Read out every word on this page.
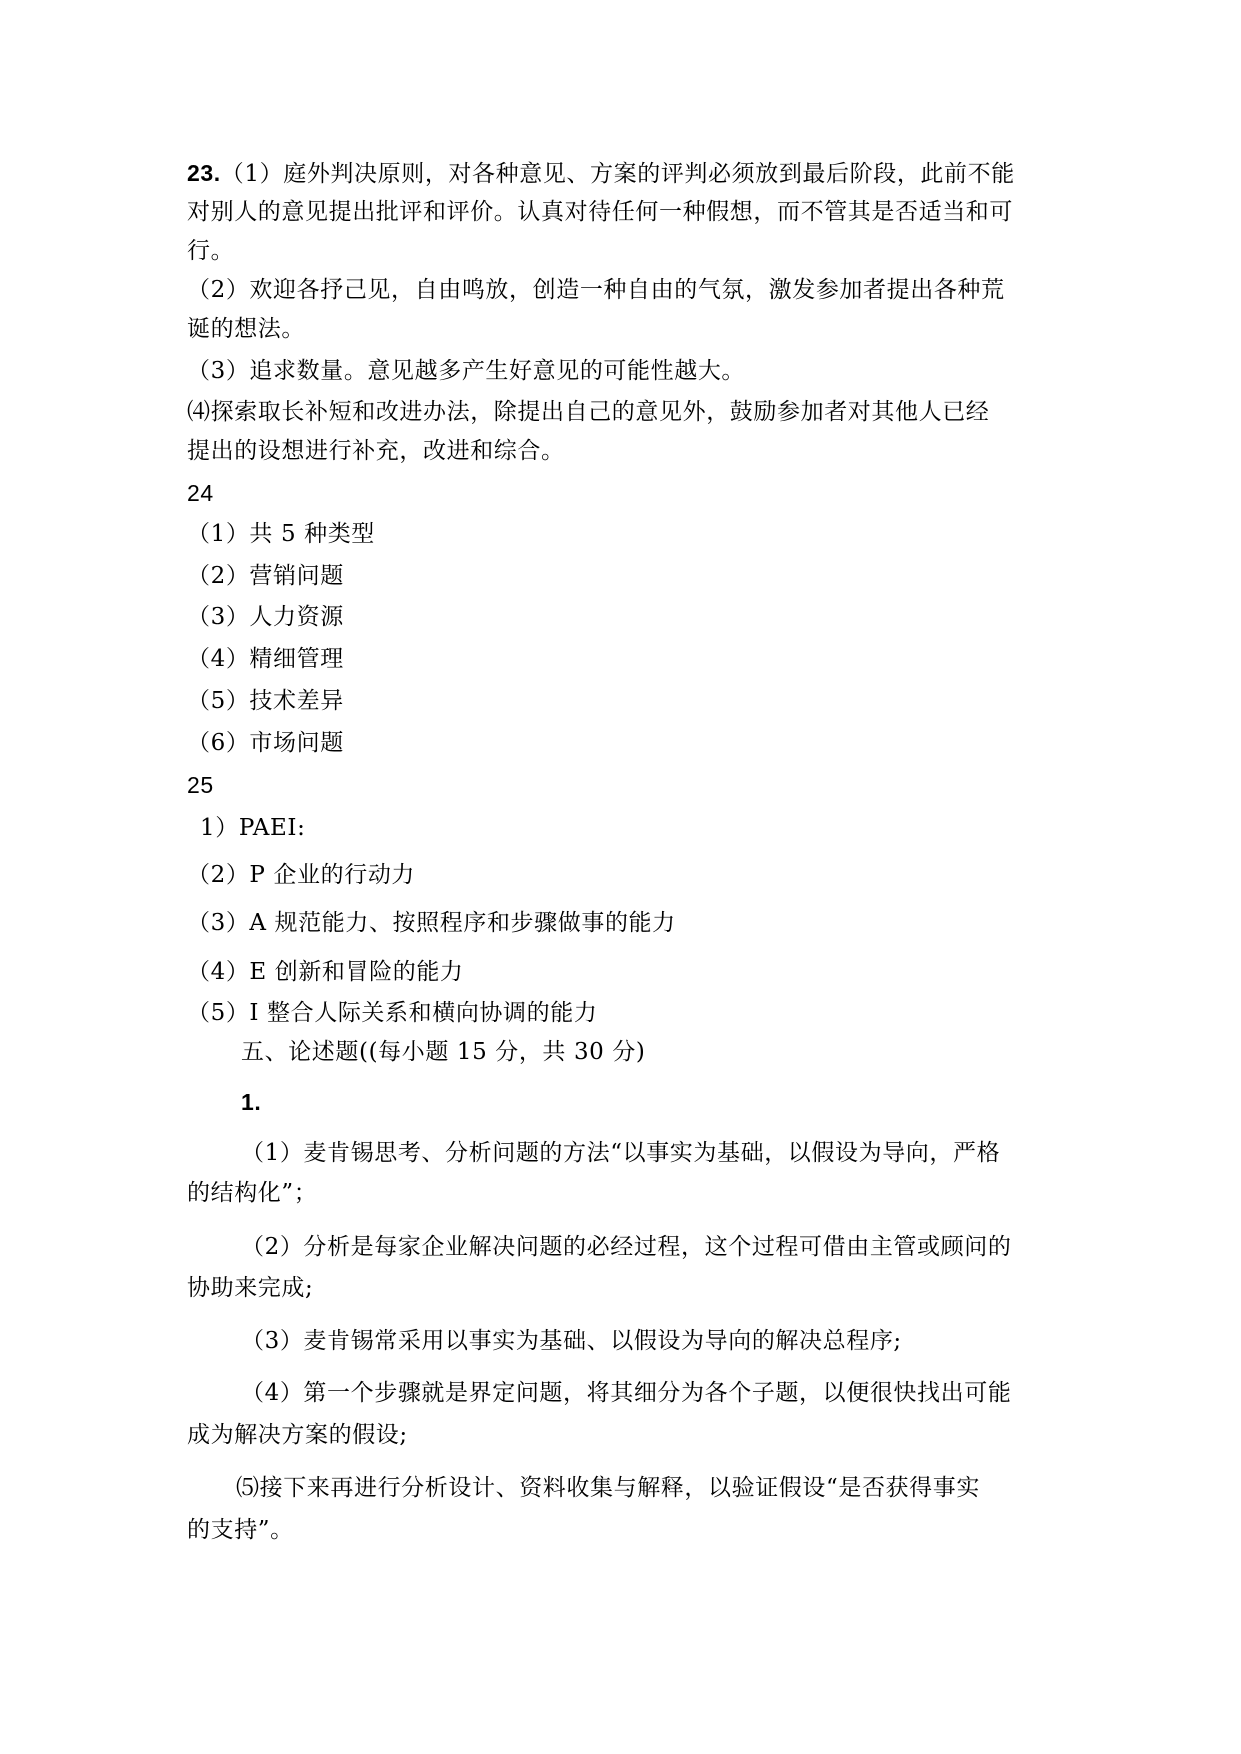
23.（1）庭外判决原则，对各种意见、方案的评判必须放到最后阶段，此前不能
对别人的意见提出批评和评价。认真对待任何一种假想，而不管其是否适当和可
行。
（2）欢迎各抒己见，自由鸣放，创造一种自由的气氛，激发参加者提出各种荒
诞的想法。
（3）追求数量。意见越多产生好意见的可能性越大。
⑷探索取长补短和改进办法，除提出自己的意见外，鼓励参加者对其他人已经
提出的设想进行补充，改进和综合。
24
（1）共 5 种类型
（2）营销问题
（3）人力资源
（4）精细管理
（5）技术差异
（6）市场问题
25
1）PAEI:
（2）P 企业的行动力
（3）A 规范能力、按照程序和步骤做事的能力
（4）E 创新和冒险的能力
（5）I 整合人际关系和横向协调的能力
五、论述题((每小题 15 分，共 30 分)
1.
（1）麦肯锡思考、分析问题的方法“以事实为基础，以假设为导向，严格
的结构化”；
（2）分析是每家企业解决问题的必经过程，这个过程可借由主管或顾问的
协助来完成;
（3）麦肯锡常采用以事实为基础、以假设为导向的解决总程序;
（4）第一个步骤就是界定问题，将其细分为各个子题，以便很快找出可能
成为解决方案的假设;
⑸接下来再进行分析设计、资料收集与解释，以验证假设“是否获得事实
的支持”。
